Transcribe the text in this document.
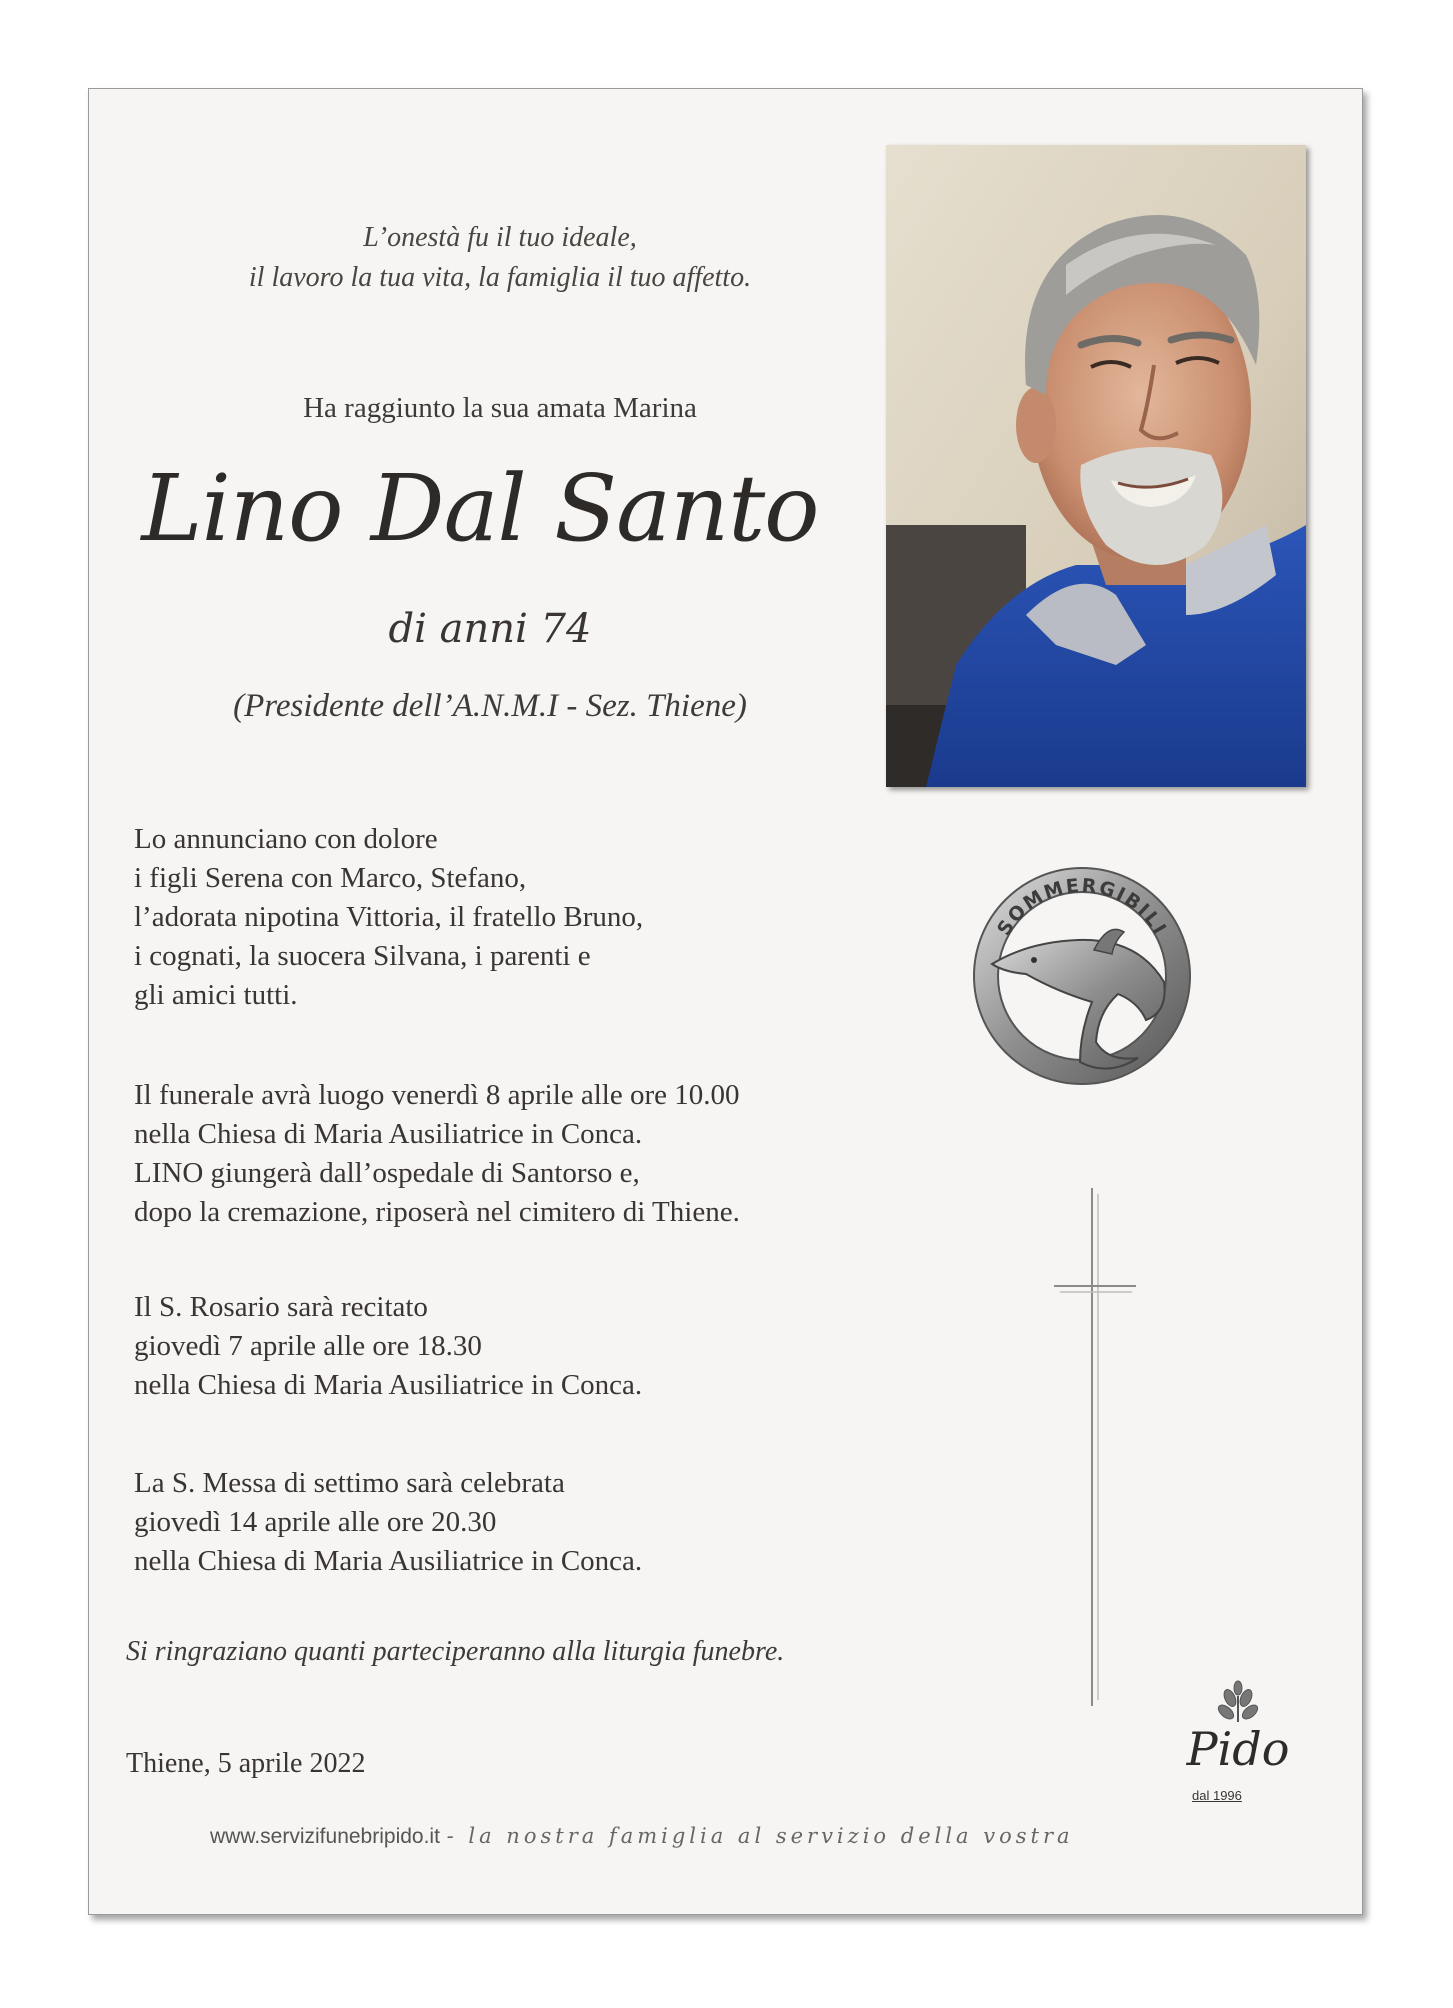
L’onestà fu il tuo ideale,
il lavoro la tua vita, la famiglia il tuo affetto.
Ha raggiunto la sua amata Marina
Lino Dal Santo
di anni 74
(Presidente dell’A.N.M.I - Sez. Thiene)
Lo annunciano con dolore
i figli Serena con Marco, Stefano,
l’adorata nipotina Vittoria, il fratello Bruno,
i cognati, la suocera Silvana, i parenti e
gli amici tutti.
Il funerale avrà luogo venerdì 8 aprile alle ore 10.00
nella Chiesa di Maria Ausiliatrice in Conca.
LINO giungerà dall’ospedale di Santorso e,
dopo la cremazione, riposerà nel cimitero di Thiene.
Il S. Rosario sarà recitato
giovedì 7 aprile alle ore 18.30
nella Chiesa di Maria Ausiliatrice in Conca.
La S. Messa di settimo sarà celebrata
giovedì 14 aprile alle ore 20.30
nella Chiesa di Maria Ausiliatrice in Conca.
Si ringraziano quanti parteciperanno alla liturgia funebre.
Thiene, 5 aprile 2022
SOMMERGIBILI
Pido
dal 1996
www.servizifunebripido.it - la nostra famiglia al servizio della vostra
